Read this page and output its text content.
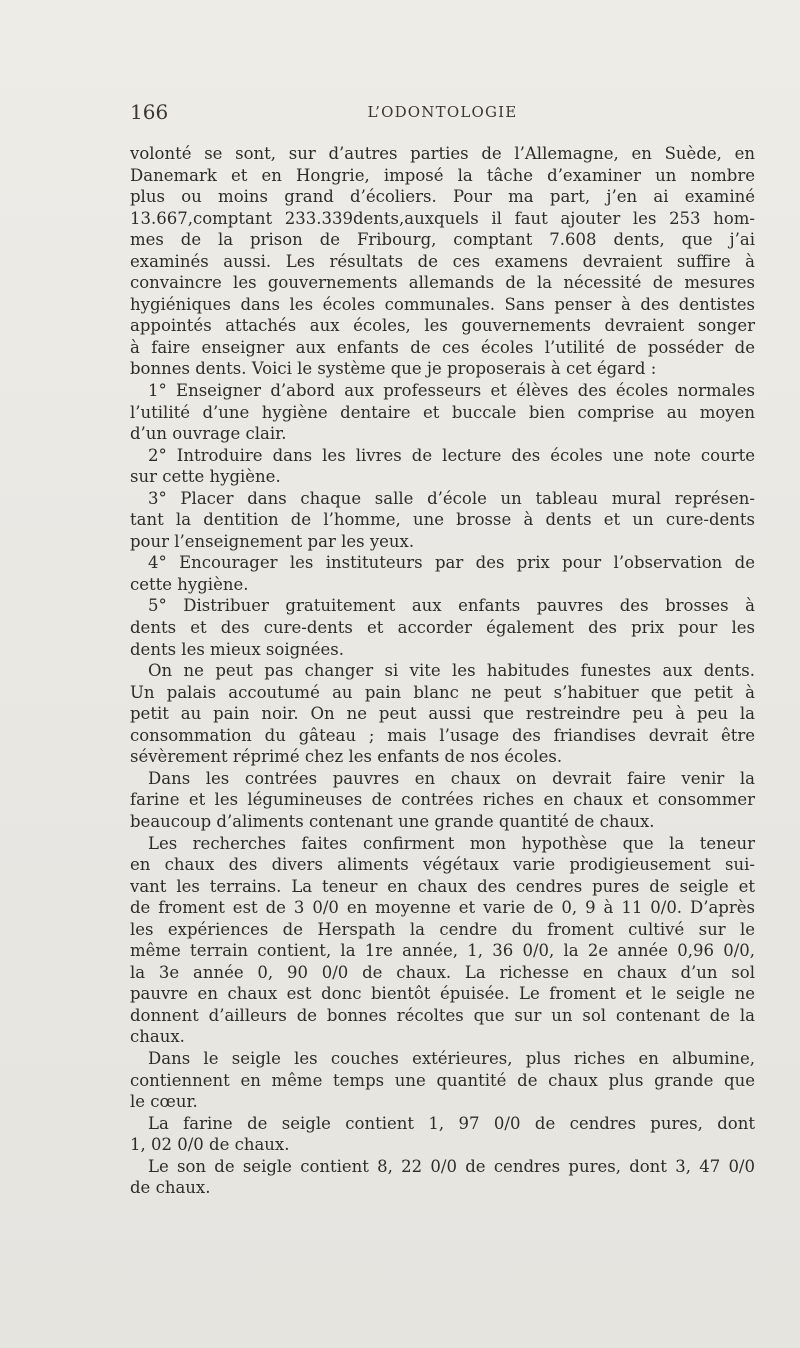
166	L’ODONTOLOGIE
volonté se sont, sur d’autres parties de l’Allemagne, en Suède, en
Danemark et en Hongrie, imposé la tâche d’examiner un nombre
plus ou moins grand d’écoliers. Pour ma part, j’en ai examiné
13.667,comptant 233.339dents,auxquels il faut ajouter les 253 hom-
mes de la prison de Fribourg, comptant 7.608 dents, que j’ai
examinés aussi. Les résultats de ces examens devraient suffire à
convaincre les gouvernements allemands de la nécessité de mesures
hygiéniques dans les écoles communales. Sans penser à des dentistes
appointés attachés aux écoles, les gouvernements devraient songer
à faire enseigner aux enfants de ces écoles l’utilité de posséder de
bonnes dents. Voici le système que je proposerais à cet égard :
1° Enseigner d’abord aux professeurs et élèves des écoles normales
l’utilité d’une hygiène dentaire et buccale bien comprise au moyen
d’un ouvrage clair.
2° Introduire dans les livres de lecture des écoles une note courte
sur cette hygiène.
3° Placer dans chaque salle d’école un tableau mural représen-
tant la dentition de l’homme, une brosse à dents et un cure-dents
pour l’enseignement par les yeux.
4° Encourager les instituteurs par des prix pour l’observation de
cette hygiène.
5° Distribuer gratuitement aux enfants pauvres des brosses à
dents et des cure-dents et accorder également des prix pour les
dents les mieux soignées.
On ne peut pas changer si vite les habitudes funestes aux dents.
Un palais accoutumé au pain blanc ne peut s’habituer que petit à
petit au pain noir. On ne peut aussi que restreindre peu à peu la
consommation du gâteau ; mais l’usage des friandises devrait être
sévèrement réprimé chez les enfants de nos écoles.
Dans les contrées pauvres en chaux on devrait faire venir la
farine et les légumineuses de contrées riches en chaux et consommer
beaucoup d’aliments contenant une grande quantité de chaux.
Les recherches faites confirment mon hypothèse que la teneur
en chaux des divers aliments végétaux varie prodigieusement sui-
vant les terrains. La teneur en chaux des cendres pures de seigle et
de froment est de 3 0/0 en moyenne et varie de 0, 9 à 11 0/0. D’après
les expériences de Herspath la cendre du froment cultivé sur le
même terrain contient, la 1re année, 1, 36 0/0, la 2e année 0,96 0/0,
la 3e année 0, 90 0/0 de chaux. La richesse en chaux d’un sol
pauvre en chaux est donc bientôt épuisée. Le froment et le seigle ne
donnent d’ailleurs de bonnes récoltes que sur un sol contenant de la
chaux.
Dans le seigle les couches extérieures, plus riches en albumine,
contiennent en même temps une quantité de chaux plus grande que
le cœur.
La farine de seigle contient 1, 97 0/0 de cendres pures, dont
1, 02 0/0 de chaux.
Le son de seigle contient 8, 22 0/0 de cendres pures, dont 3, 47 0/0
de chaux.
